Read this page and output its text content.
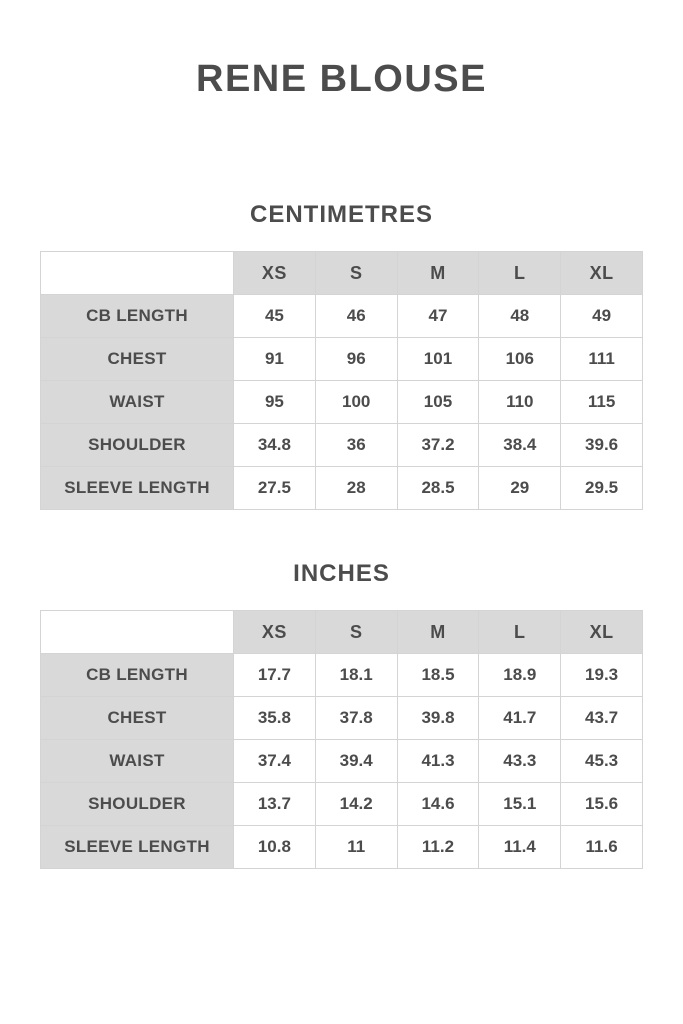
RENE BLOUSE
CENTIMETRES
	XS	S	M	L	XL
CB LENGTH	45	46	47	48	49
CHEST	91	96	101	106	111
WAIST	95	100	105	110	115
SHOULDER	34.8	36	37.2	38.4	39.6
SLEEVE LENGTH	27.5	28	28.5	29	29.5
INCHES
	XS	S	M	L	XL
CB LENGTH	17.7	18.1	18.5	18.9	19.3
CHEST	35.8	37.8	39.8	41.7	43.7
WAIST	37.4	39.4	41.3	43.3	45.3
SHOULDER	13.7	14.2	14.6	15.1	15.6
SLEEVE LENGTH	10.8	11	11.2	11.4	11.6
